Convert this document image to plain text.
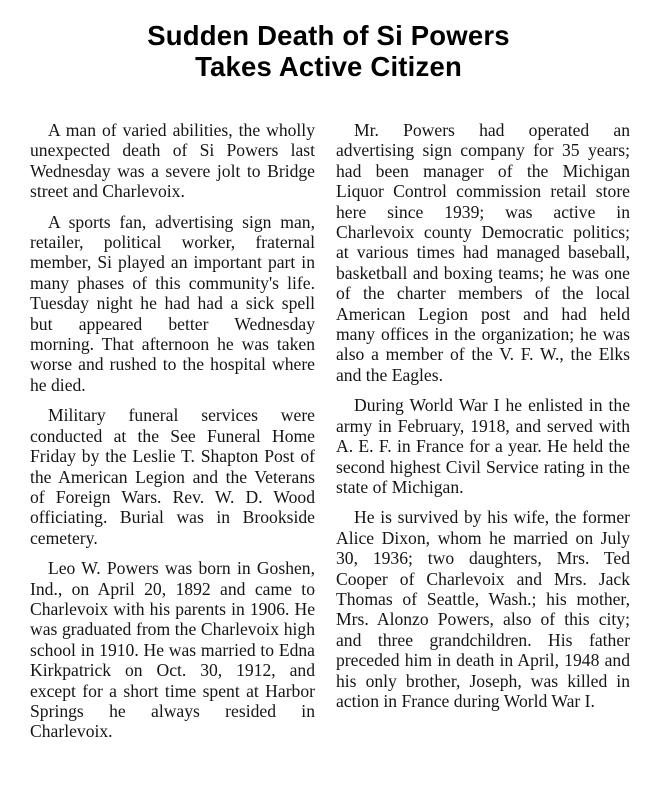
Sudden Death of Si Powers
Takes Active Citizen

A man of varied abilities, the wholly unexpected death of Si Powers last Wednesday was a severe jolt to Bridge street and Charlevoix.

A sports fan, advertising sign man, retailer, political worker, fraternal member, Si played an important part in many phases of this community's life. Tuesday night he had had a sick spell but appeared better Wednesday morning. That afternoon he was taken worse and rushed to the hospital where he died.

Military funeral services were conducted at the See Funeral Home Friday by the Leslie T. Shapton Post of the American Legion and the Veterans of Foreign Wars. Rev. W. D. Wood officiating. Burial was in Brookside cemetery.

Leo W. Powers was born in Goshen, Ind., on April 20, 1892 and came to Charlevoix with his parents in 1906. He was graduated from the Charlevoix high school in 1910. He was married to Edna Kirkpatrick on Oct. 30, 1912, and except for a short time spent at Harbor Springs he always resided in Charlevoix.

Mr. Powers had operated an advertising sign company for 35 years; had been manager of the Michigan Liquor Control commission retail store here since 1939; was active in Charlevoix county Democratic politics; at various times had managed baseball, basketball and boxing teams; he was one of the charter members of the local American Legion post and had held many offices in the organization; he was also a member of the V. F. W., the Elks and the Eagles.

During World War I he enlisted in the army in February, 1918, and served with A. E. F. in France for a year. He held the second highest Civil Service rating in the state of Michigan.

He is survived by his wife, the former Alice Dixon, whom he married on July 30, 1936; two daughters, Mrs. Ted Cooper of Charlevoix and Mrs. Jack Thomas of Seattle, Wash.; his mother, Mrs. Alonzo Powers, also of this city; and three grandchildren. His father preceded him in death in April, 1948 and his only brother, Joseph, was killed in action in France during World War I.
